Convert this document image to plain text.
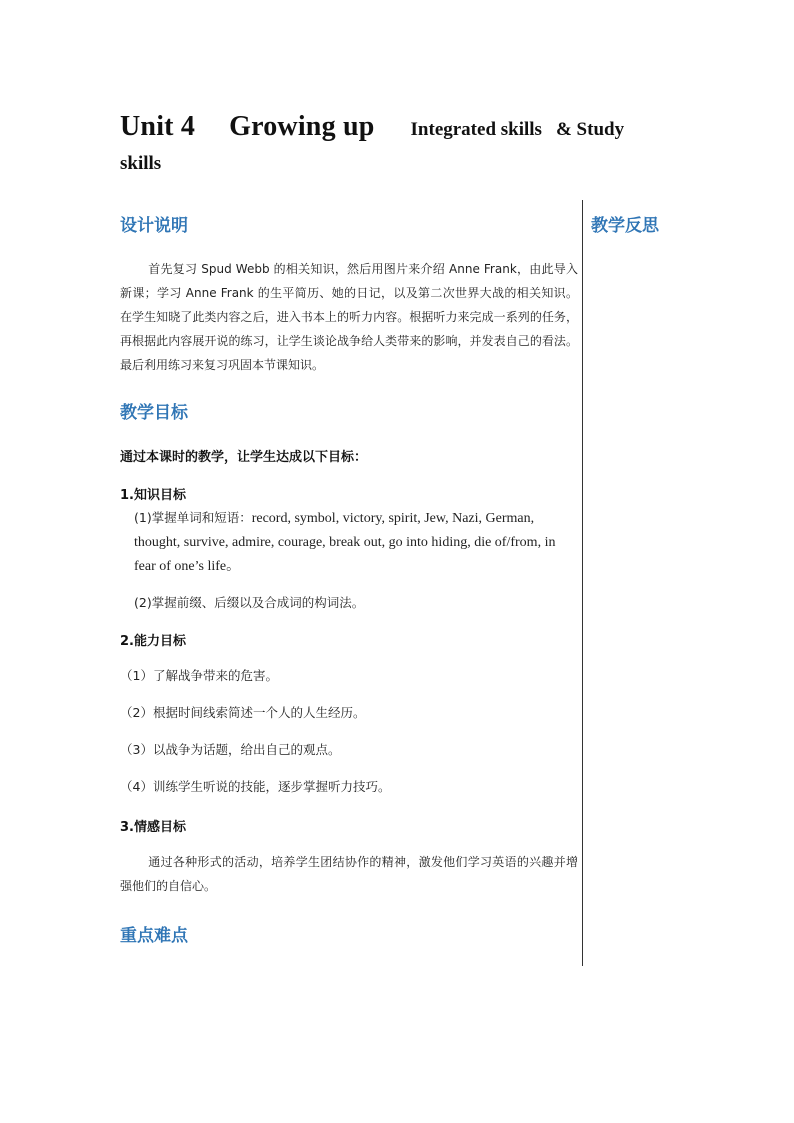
Unit 4 Growing up Integrated skills & Study
skills
教学反思
设计说明
首先复习 Spud Webb 的相关知识，然后用图片来介绍 Anne Frank，由此导入新课；学习 Anne Frank 的生平简历、她的日记，以及第二次世界大战的相关知识。在学生知晓了此类内容之后，进入书本上的听力内容。根据听力来完成一系列的任务，再根据此内容展开说的练习，让学生谈论战争给人类带来的影响，并发表自己的看法。最后利用练习来复习巩固本节课知识。
教学目标
通过本课时的教学，让学生达成以下目标：
1.知识目标
(1)掌握单词和短语：record, symbol, victory, spirit, Jew, Nazi, German, thought, survive, admire, courage, break out, go into hiding, die of/from, in fear of one’s life。
(2)掌握前缀、后缀以及合成词的构词法。
2.能力目标
（1）了解战争带来的危害。
（2）根据时间线索简述一个人的人生经历。
（3）以战争为话题，给出自己的观点。
（4）训练学生听说的技能，逐步掌握听力技巧。
3.情感目标
通过各种形式的活动，培养学生团结协作的精神，激发他们学习英语的兴趣并增强他们的自信心。
重点难点
